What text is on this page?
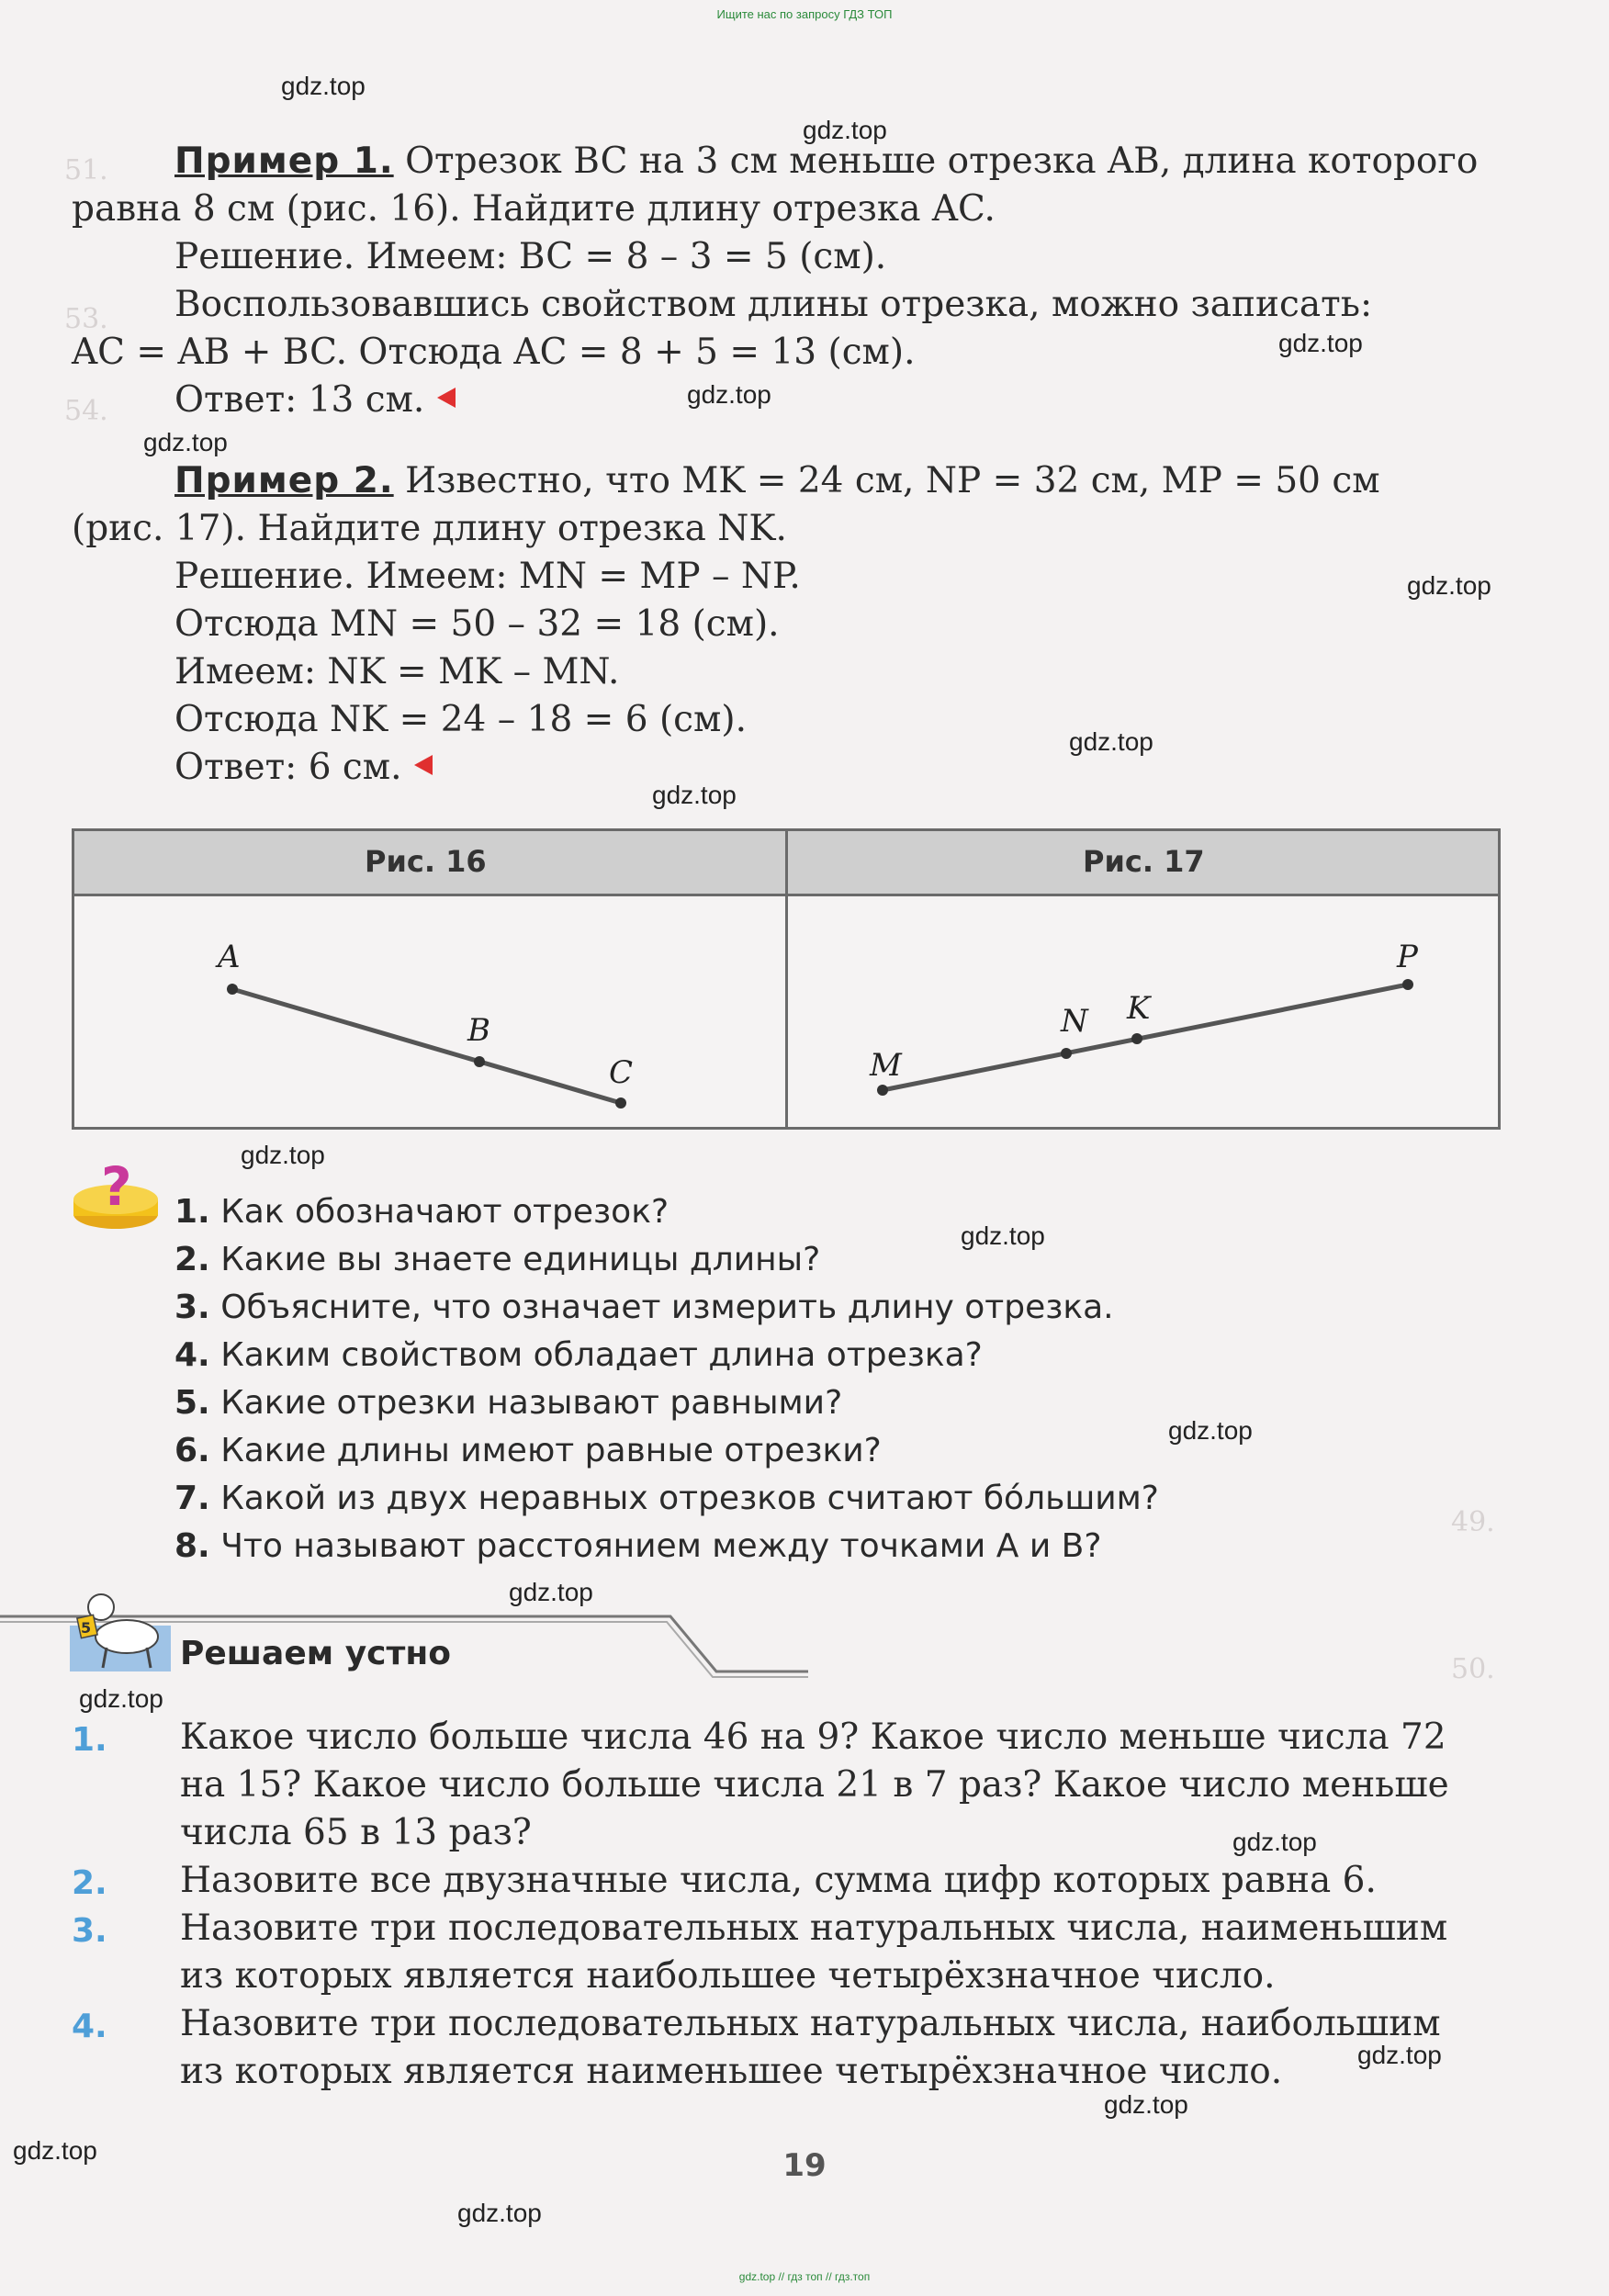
Ищите нас по запросу ГДЗ ТОП
51.
53.
54.
49.
50.
gdz.top
gdz.top
gdz.top
gdz.top
gdz.top
gdz.top
gdz.top
gdz.top
gdz.top
gdz.top
gdz.top
gdz.top
gdz.top
gdz.top
gdz.top
gdz.top
gdz.top
gdz.top
Пример 1. Отрезок BC на 3 см меньше отрезка AB, длина которого
равна 8 см (рис. 16). Найдите длину отрезка AC.
Решение. Имеем: BC = 8 – 3 = 5 (см).
Воспользовавшись свойством длины отрезка, можно записать:
AC = AB + BC. Отсюда AC = 8 + 5 = 13 (см).
Ответ: 13 см.
Пример 2. Известно, что MK = 24 см, NP = 32 см, MP = 50 см
(рис. 17). Найдите длину отрезка NK.
Решение. Имеем: MN = MP – NP.
Отсюда MN = 50 – 32 = 18 (см).
Имеем: NK = MK – MN.
Отсюда NK = 24 – 18 = 6 (см).
Ответ: 6 см.
Рис. 16	Рис. 17
A
B
C	M
N K
P
? 1. Как обозначают отрезок?
2. Какие вы знаете единицы длины?
3. Объясните, что означает измерить длину отрезка.
4. Каким свойством обладает длина отрезка?
5. Какие отрезки называют равными?
6. Какие длины имеют равные отрезки?
7. Какой из двух неравных отрезков считают бóльшим?
8. Что называют расстоянием между точками A и B?
5
Решаем устно
1. Какое число больше числа 46 на 9? Какое число меньше числа 72
на 15? Какое число больше числа 21 в 7 раз? Какое число меньше
числа 65 в 13 раз?
2. Назовите все двузначные числа, сумма цифр которых равна 6.
3. Назовите три последовательных натуральных числа, наименьшим
из которых является наибольшее четырёхзначное число.
4. Назовите три последовательных натуральных числа, наибольшим
из которых является наименьшее четырёхзначное число.
19
gdz.top // гдз топ // гдз.топ
